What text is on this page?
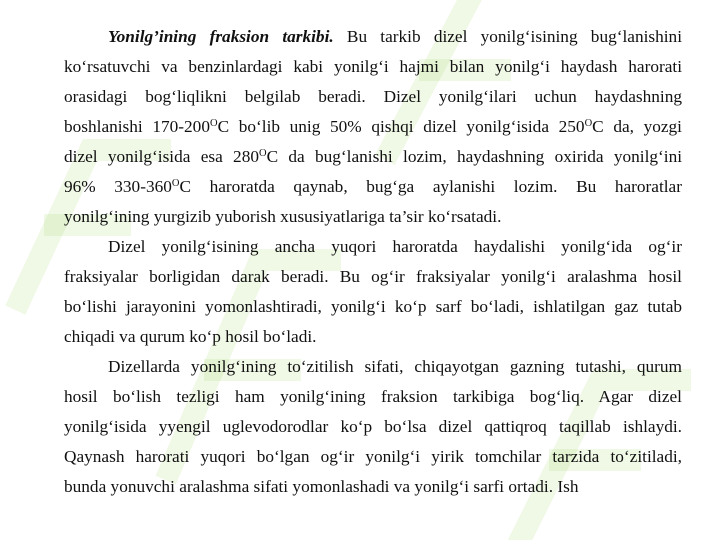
Yonilg’ining fraksion tarkibi. Bu tarkib dizel yonilg‘isining bug‘lanishini
ko‘rsatuvchi va benzinlardagi kabi yonilg‘i hajmi bilan yonilg‘i haydash harorati
orasidagi bog‘liqlikni belgilab beradi. Dizel yonilg‘ilari uchun haydashning
boshlanishi $170-200^OC$ bo‘lib unig 50% qishqi dizel yonilg‘isida $250^OC$ da, yozgi
dizel yonilg‘isida esa $280^OC$ da bug‘lanishi lozim, haydashning oxirida yonilg‘ini
96% $330-360^OC$ haroratda qaynab, bug‘ga aylanishi lozim. Bu haroratlar
yonilg‘ining yurgizib yuborish xususiyatlariga ta’sir ko‘rsatadi.
Dizel yonilg‘isining ancha yuqori haroratda haydalishi yonilg‘ida og‘ir
fraksiyalar borligidan darak beradi. Bu og‘ir fraksiyalar yonilg‘i aralashma hosil
bo‘lishi jarayonini yomonlashtiradi, yonilg‘i ko‘p sarf bo‘ladi, ishlatilgan gaz tutab
chiqadi va qurum ko‘p hosil bo‘ladi.
Dizellarda yonilg‘ining to‘zitilish sifati, chiqayotgan gazning tutashi, qurum
hosil bo‘lish tezligi ham yonilg‘ining fraksion tarkibiga bog‘liq. Agar dizel
yonilg‘isida yyengil uglevodorodlar ko‘p bo‘lsa dizel qattiqroq taqillab ishlaydi.
Qaynash harorati yuqori bo‘lgan og‘ir yonilg‘i yirik tomchilar tarzida to‘zitiladi,
bunda yonuvchi aralashma sifati yomonlashadi va yonilg‘i sarfi ortadi. Ish
